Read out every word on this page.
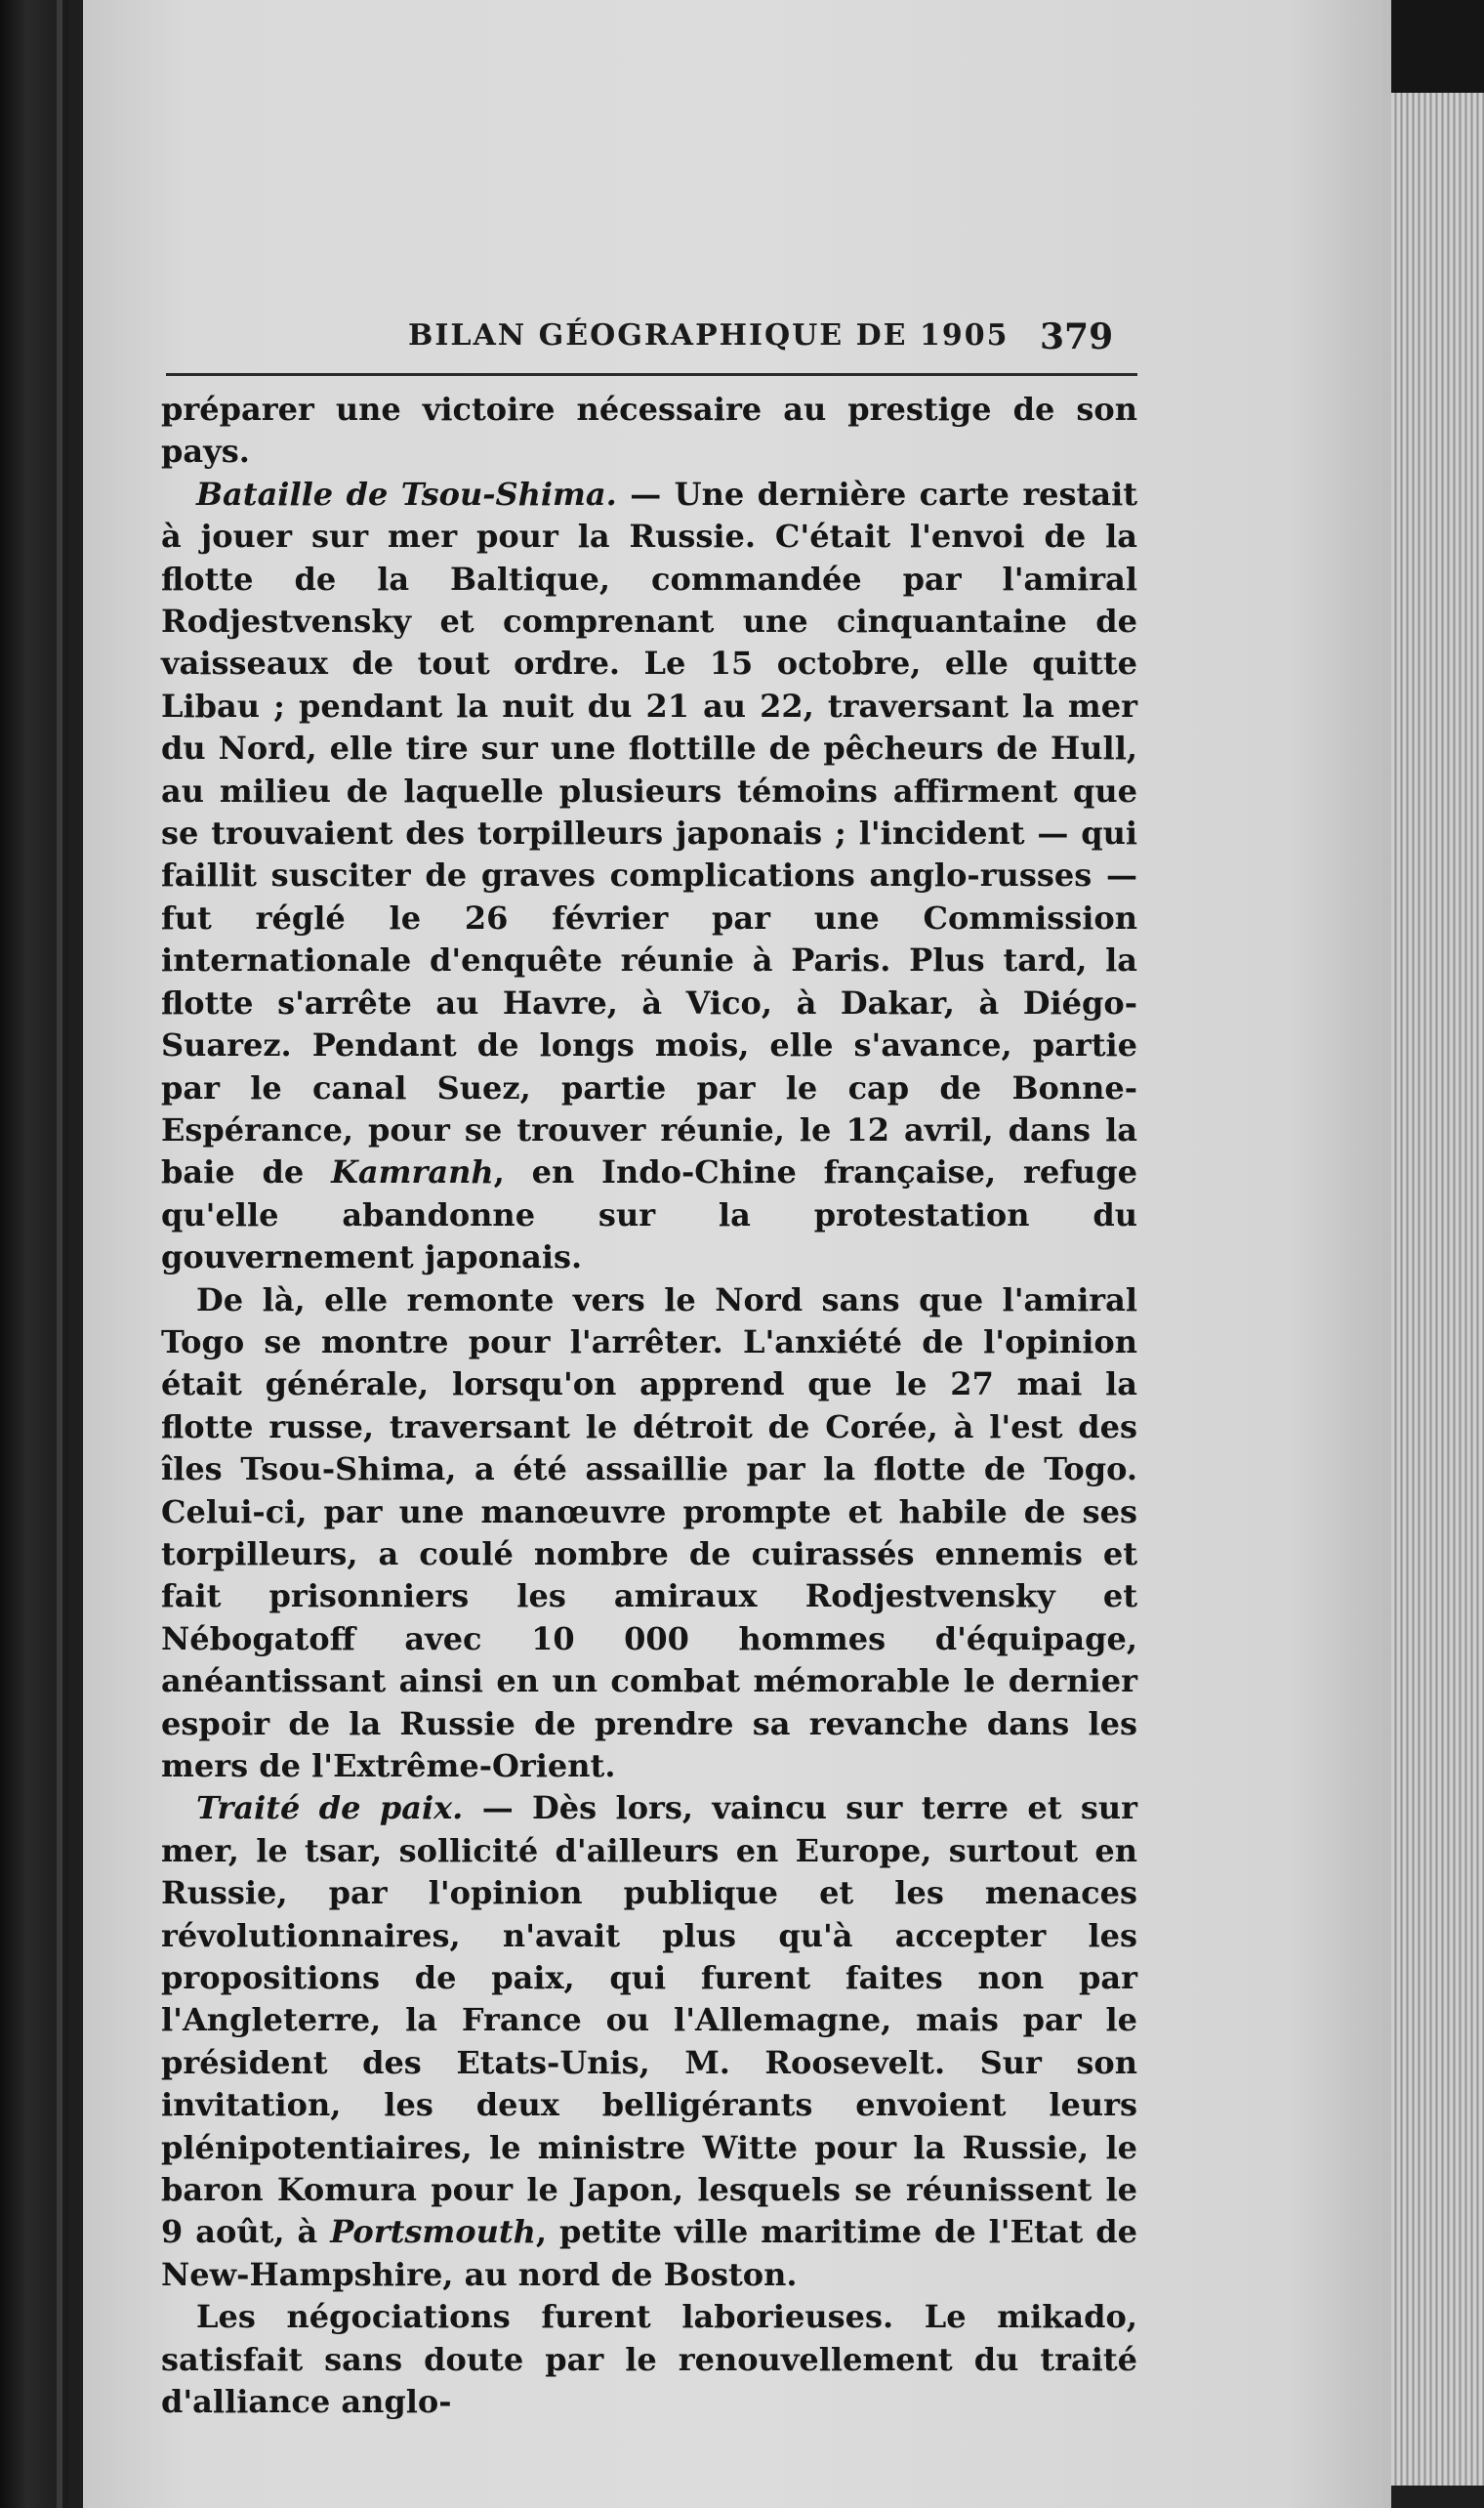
BILAN GÉOGRAPHIQUE DE 1905 379

préparer une victoire nécessaire au prestige de son pays.

Bataille de Tsou-Shima. — Une dernière carte restait à jouer sur mer pour la Russie. C'était l'envoi de la flotte de la Baltique, commandée par l'amiral Rodjestvensky et comprenant une cinquantaine de vaisseaux de tout ordre. Le 15 octobre, elle quitte Libau ; pendant la nuit du 21 au 22, traversant la mer du Nord, elle tire sur une flottille de pêcheurs de Hull, au milieu de laquelle plusieurs témoins affirment que se trouvaient des torpilleurs japonais ; l'incident — qui faillit susciter de graves complications anglo-russes — fut réglé le 26 février par une Commission internationale d'enquête réunie à Paris. Plus tard, la flotte s'arrête au Havre, à Vico, à Dakar, à Diégo-Suarez. Pendant de longs mois, elle s'avance, partie par le canal Suez, partie par le cap de Bonne-Espérance, pour se trouver réunie, le 12 avril, dans la baie de Kamranh, en Indo-Chine française, refuge qu'elle abandonne sur la protestation du gouvernement japonais.

De là, elle remonte vers le Nord sans que l'amiral Togo se montre pour l'arrêter. L'anxiété de l'opinion était générale, lorsqu'on apprend que le 27 mai la flotte russe, traversant le détroit de Corée, à l'est des îles Tsou-Shima, a été assaillie par la flotte de Togo. Celui-ci, par une manœuvre prompte et habile de ses torpilleurs, a coulé nombre de cuirassés ennemis et fait prisonniers les amiraux Rodjestvensky et Nébogatoff avec 10 000 hommes d'équipage, anéantissant ainsi en un combat mémorable le dernier espoir de la Russie de prendre sa revanche dans les mers de l'Extrême-Orient.

Traité de paix. — Dès lors, vaincu sur terre et sur mer, le tsar, sollicité d'ailleurs en Europe, surtout en Russie, par l'opinion publique et les menaces révolutionnaires, n'avait plus qu'à accepter les propositions de paix, qui furent faites non par l'Angleterre, la France ou l'Allemagne, mais par le président des Etats-Unis, M. Roosevelt. Sur son invitation, les deux belligérants envoient leurs plénipotentiaires, le ministre Witte pour la Russie, le baron Komura pour le Japon, lesquels se réunissent le 9 août, à Portsmouth, petite ville maritime de l'Etat de New-Hampshire, au nord de Boston.

Les négociations furent laborieuses. Le mikado, satisfait sans doute par le renouvellement du traité d'alliance anglo-
